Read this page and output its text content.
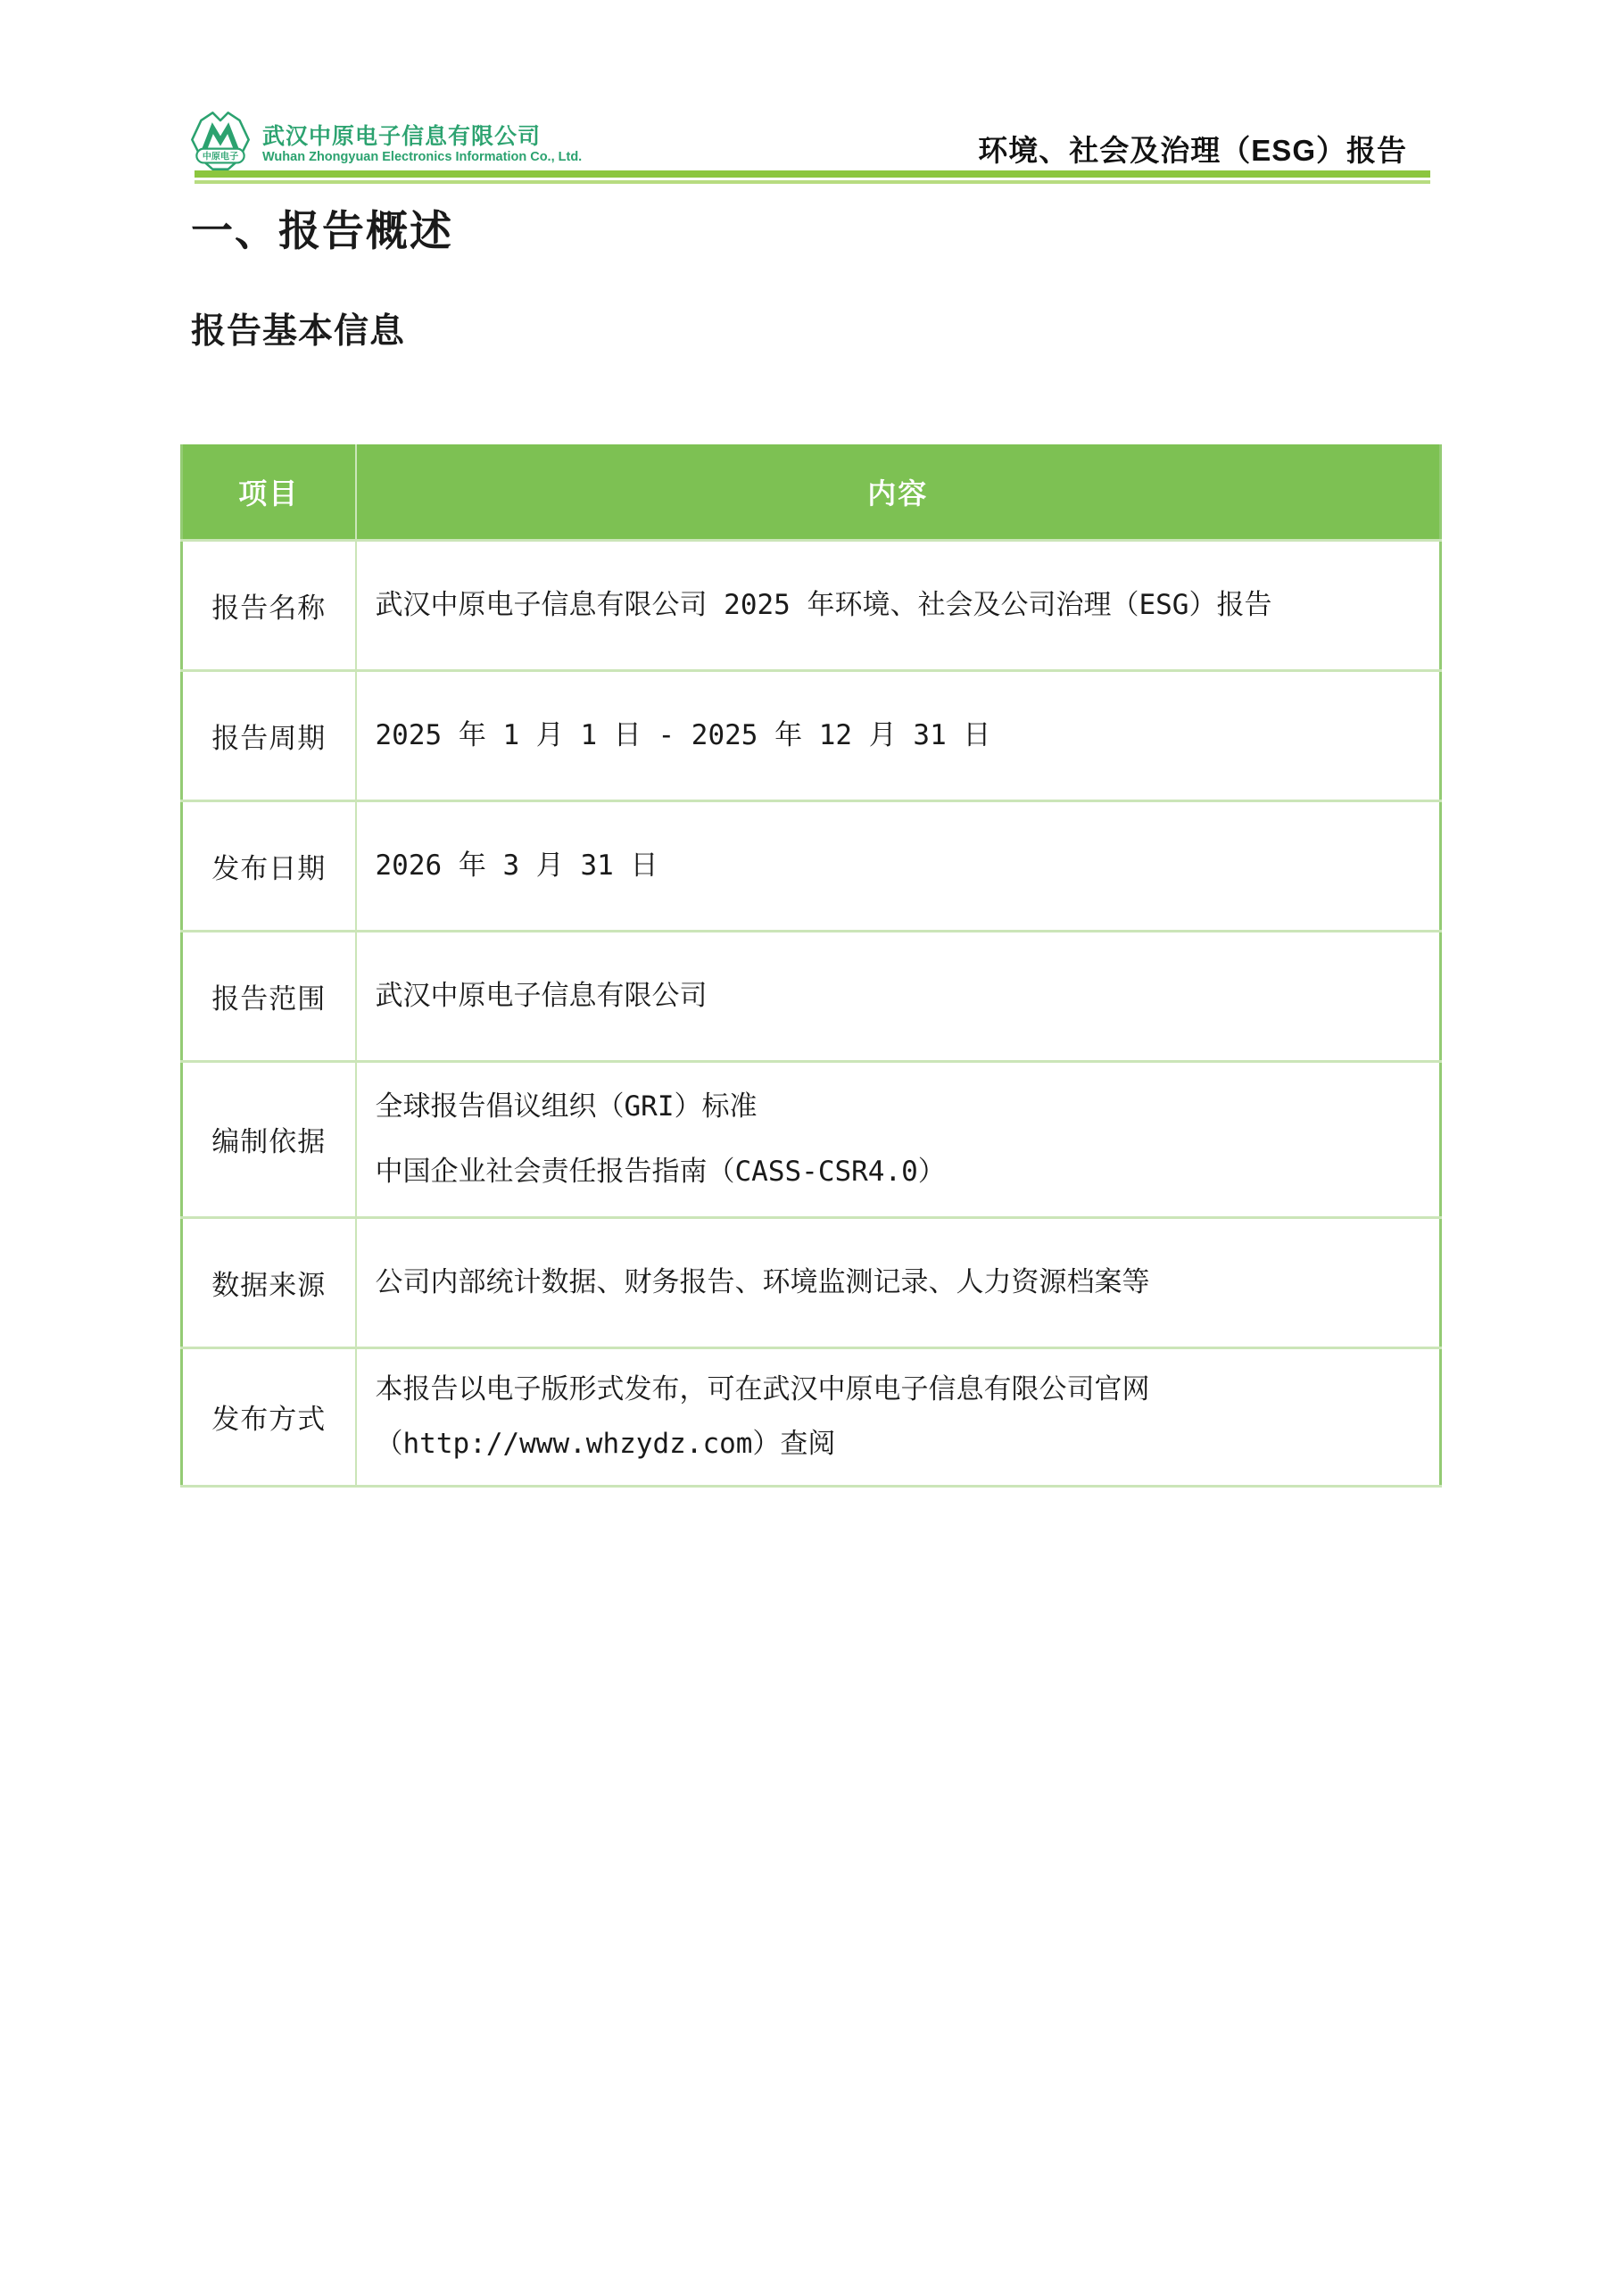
中原电子
武汉中原电子信息有限公司
Wuhan Zhongyuan Electronics Information Co., Ltd.	环境、社会及治理（ESG）报告
一、报告概述
报告基本信息
项目	内容
报告名称	武汉中原电子信息有限公司 2025 年环境、社会及公司治理（ESG）报告

报告周期	2025 年 1 月 1 日 - 2025 年 12 月 31 日

发布日期	2026 年 3 月 31 日

报告范围	武汉中原电子信息有限公司

编制依据	全球报告倡议组织（GRI）标准
中国企业社会责任报告指南（CASS-CSR4.0）

数据来源	公司内部统计数据、财务报告、环境监测记录、人力资源档案等

发布方式	本报告以电子版形式发布，可在武汉中原电子信息有限公司官网
（http://www.whzydz.com）查阅
